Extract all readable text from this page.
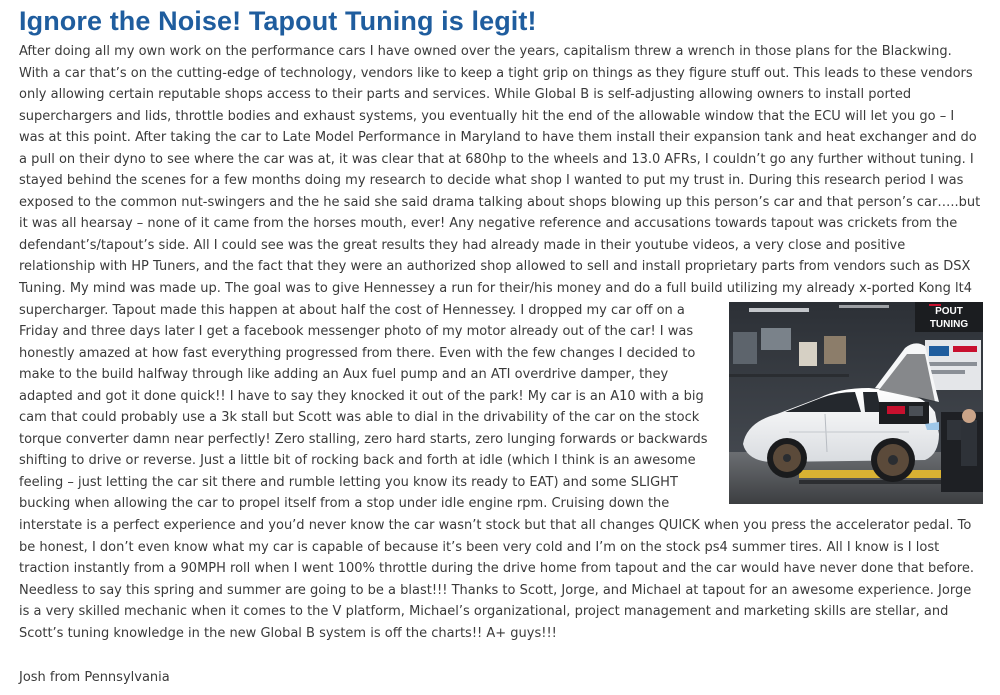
Ignore the Noise! Tapout Tuning is legit!

After doing all my own work on the performance cars I have owned over the years, capitalism threw a wrench in those plans for the Blackwing. With a car that’s on the cutting-edge of technology, vendors like to keep a tight grip on things as they figure stuff out. This leads to these vendors only allowing certain reputable shops access to their parts and services. While Global B is self-adjusting allowing owners to install ported superchargers and lids, throttle bodies and exhaust systems, you eventually hit the end of the allowable window that the ECU will let you go – I was at this point. After taking the car to Late Model Performance in Maryland to have them install their expansion tank and heat exchanger and do a pull on their dyno to see where the car was at, it was clear that at 680hp to the wheels and 13.0 AFRs, I couldn’t go any further without tuning. I stayed behind the scenes for a few months doing my research to decide what shop I wanted to put my trust in. During this research period I was exposed to the common nut-swingers and the he said she said drama talking about shops blowing up this person’s car and that person’s car…..but it was all hearsay – none of it came from the horses mouth, ever! Any negative reference and accusations towards tapout was crickets from the defendant’s/tapout’s side. All I could see was the great results they had already made in their youtube videos, a very close and positive relationship with HP Tuners, and the fact that they were an authorized shop allowed to sell and install proprietary parts from vendors such as DSX Tuning. My mind was made up. The goal was to give Hennessey a run for their/his money and do a full build utilizing my already x-ported Kong lt4 supercharger. Tapout made this happen at about half the cost of Hennessey.	POUT
TUNING
I dropped my car off on a Friday and three days later I get a facebook messenger photo of my motor already out of the car! I was honestly amazed at how fast everything progressed from there. Even with the few changes I decided to make to the build halfway through like adding an Aux fuel pump and an ATI overdrive damper, they adapted and got it done quick!! I have to say they knocked it out of the park! My car is an A10 with a big cam that could probably use a 3k stall but Scott was able to dial in the drivability of the car on the stock torque converter damn near perfectly! Zero stalling, zero hard starts, zero lunging forwards or backwards shifting to drive or reverse. Just a little bit of rocking back and forth at idle (which I think is an awesome feeling – just letting the car sit there and rumble letting you know its ready to EAT) and some SLIGHT bucking when allowing the car to propel itself from a stop under idle engine rpm. Cruising down the interstate is a perfect experience and you’d never know the car wasn’t stock but that all changes QUICK when you press the accelerator pedal. To be honest, I don’t even know what my car is capable of because it’s been very cold and I’m on the stock ps4 summer tires. All I know is I lost traction instantly from a 90MPH roll when I went 100% throttle during the drive home from tapout and the car would have never done that before. Needless to say this spring and summer are going to be a blast!!! Thanks to Scott, Jorge, and Michael at tapout for an awesome experience. Jorge is a very skilled mechanic when it comes to the V platform, Michael’s organizational, project management and marketing skills are stellar, and Scott’s tuning knowledge in the new Global B system is off the charts!! A+ guys!!!

Josh from Pennsylvania
